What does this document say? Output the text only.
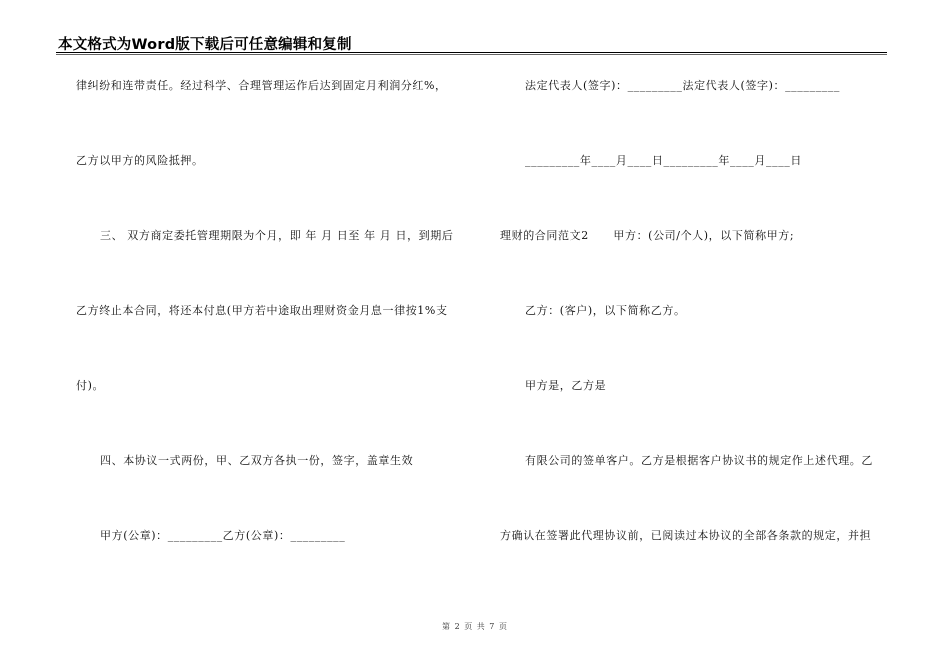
本文格式为Word版下载后可任意编辑和复制
律纠纷和连带责任。经过科学、合理管理运作后达到固定月利润分红%，
乙方以甲方的风险抵押。
三、 双方商定委托管理期限为个月，即 年 月 日至 年 月 日，到期后
乙方终止本合同，将还本付息(甲方若中途取出理财资金月息一律按1%支
付)。
四、本协议一式两份，甲、乙双方各执一份，签字，盖章生效
甲方(公章)：_________乙方(公章)：_________
法定代表人(签字)：_________法定代表人(签字)：_________
_________年____月____日_________年____月____日
理财的合同范文2      甲方：(公司/个人)，以下简称甲方;
乙方：(客户)，以下简称乙方。
甲方是，乙方是
有限公司的签单客户。乙方是根据客户协议书的规定作上述代理。乙
方确认在签署此代理协议前，已阅读过本协议的全部各条款的规定，并担
第 2 页 共 7 页
